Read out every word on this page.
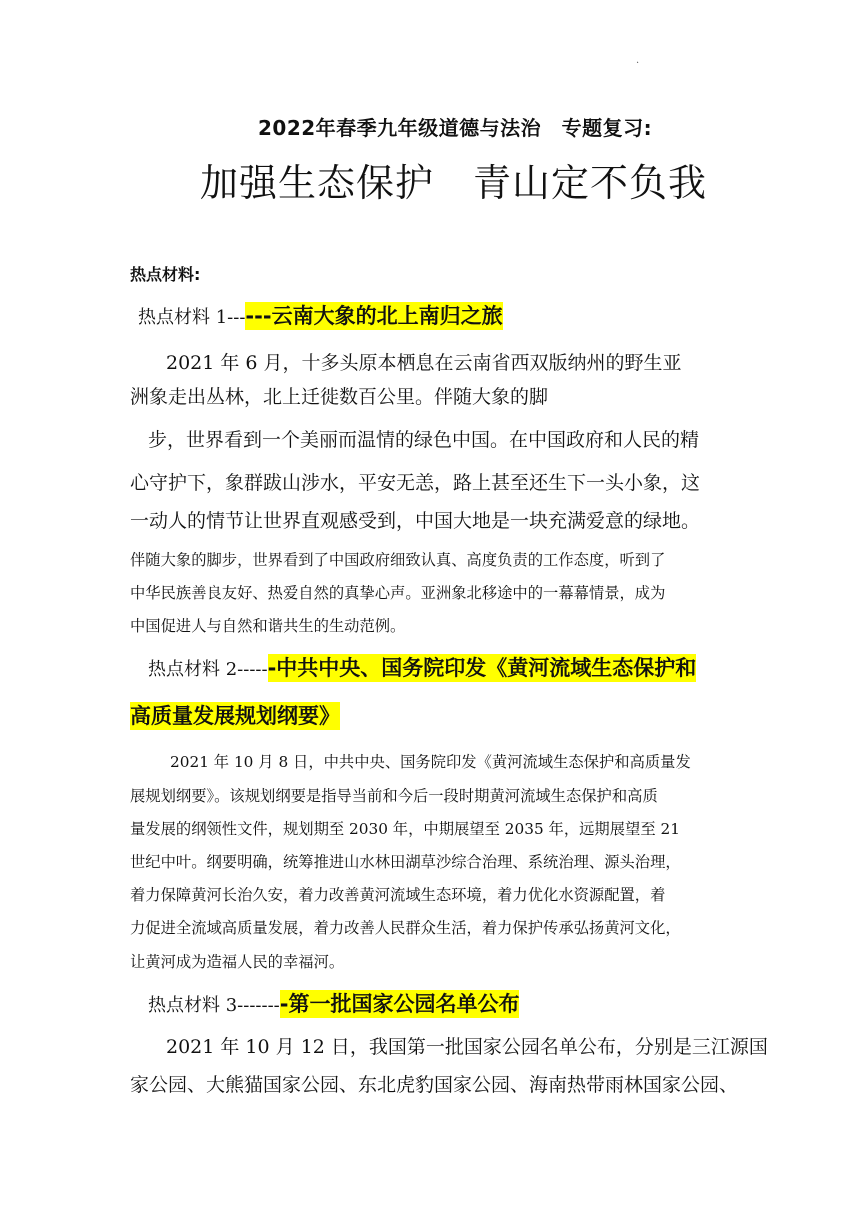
·
2022年春季九年级道德与法治　专题复习:
加强生态保护　青山定不负我
热点材料:
热点材料 1------云南大象的北上南归之旅
2021 年 6 月，十多头原本栖息在云南省西双版纳州的野生亚
洲象走出丛林，北上迁徙数百公里。伴随大象的脚
步，世界看到一个美丽而温情的绿色中国。在中国政府和人民的精
心守护下，象群跋山涉水，平安无恙，路上甚至还生下一头小象，这
一动人的情节让世界直观感受到，中国大地是一块充满爱意的绿地。
伴随大象的脚步，世界看到了中国政府细致认真、高度负责的工作态度，听到了
中华民族善良友好、热爱自然的真挚心声。亚洲象北移途中的一幕幕情景，成为
中国促进人与自然和谐共生的生动范例。
热点材料 2------中共中央、国务院印发《黄河流域生态保护和
高质量发展规划纲要》
2021 年 10 月 8 日，中共中央、国务院印发《黄河流域生态保护和高质量发
展规划纲要》。该规划纲要是指导当前和今后一段时期黄河流域生态保护和高质
量发展的纲领性文件，规划期至 2030 年，中期展望至 2035 年，远期展望至 21
世纪中叶。纲要明确，统筹推进山水林田湖草沙综合治理、系统治理、源头治理，
着力保障黄河长治久安，着力改善黄河流域生态环境，着力优化水资源配置，着
力促进全流域高质量发展，着力改善人民群众生活，着力保护传承弘扬黄河文化，
让黄河成为造福人民的幸福河。
热点材料 3--------第一批国家公园名单公布
2021 年 10 月 12 日，我国第一批国家公园名单公布，分别是三江源国
家公园、大熊猫国家公园、东北虎豹国家公园、海南热带雨林国家公园、
